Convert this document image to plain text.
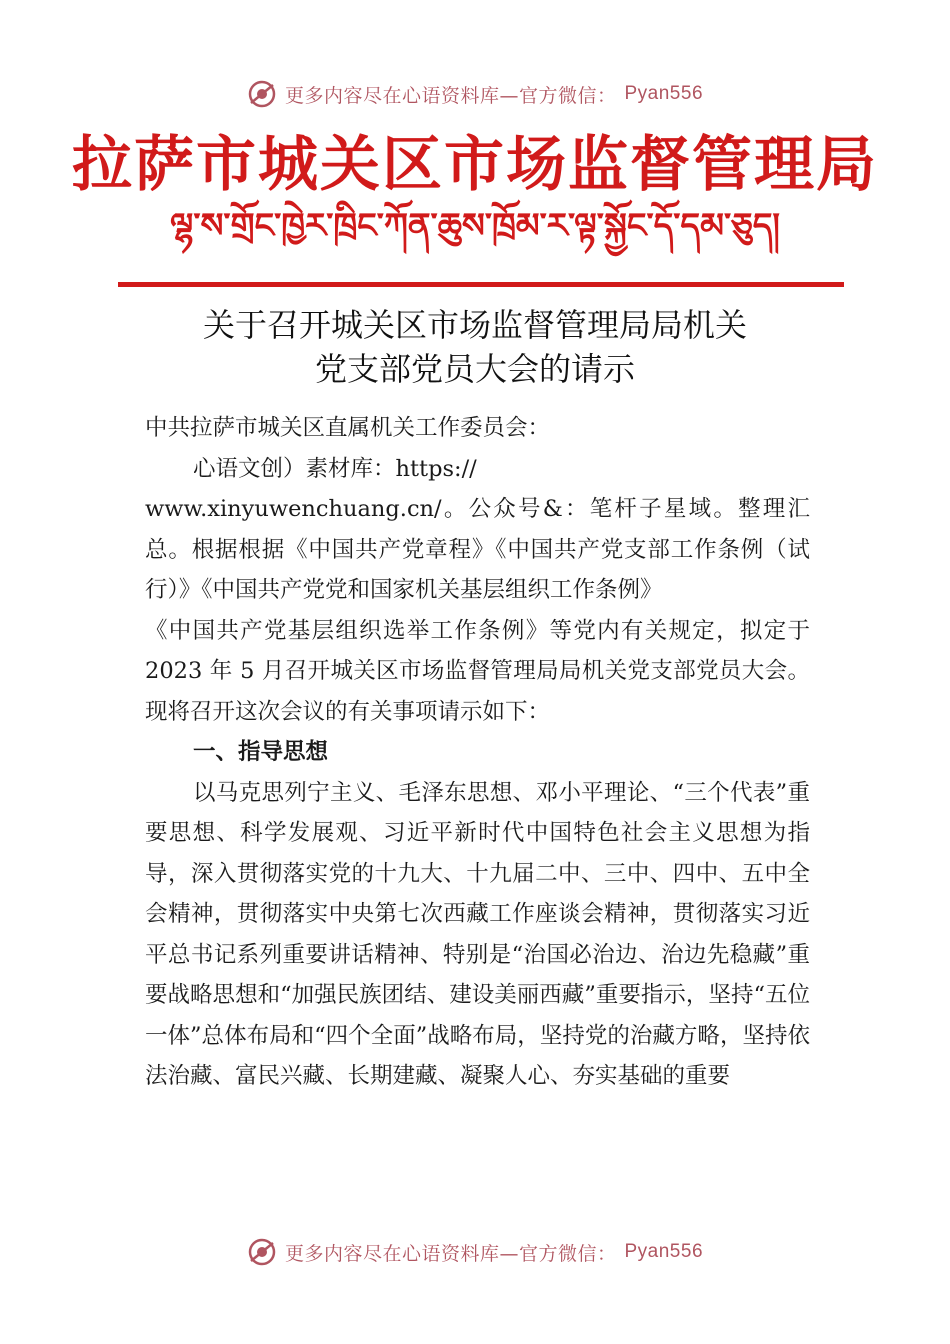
更多内容尽在心语资料库—官方微信： Pyan556
拉萨市城关区市场监督管理局
ལྷ་ས་གྲོང་ཁྱེར་ཁྲིང་ཀོན་ཆུས་ཁྲོམ་ར་ལྟ་སྐྱོང་དོ་དམ་ཅུད།
关于召开城关区市场监督管理局局机关
党支部党员大会的请示

中共拉萨市城关区直属机关工作委员会：

心语文创）素材库：https://

www.xinyuwenchuang.cn/。公众号&：笔杆子星域。整理汇总。根据根据《中国共产党章程》《中国共产党支部工作条例（试行）》《中国共产党党和国家机关基层组织工作条例》

《中国共产党基层组织选举工作条例》等党内有关规定，拟定于 2023 年 5 月召开城关区市场监督管理局局机关党支部党员大会。现将召开这次会议的有关事项请示如下：

一、指导思想

以马克思列宁主义、毛泽东思想、邓小平理论、“三个代表”重要思想、科学发展观、习近平新时代中国特色社会主义思想为指导，深入贯彻落实党的十九大、十九届二中、三中、四中、五中全会精神，贯彻落实中央第七次西藏工作座谈会精神，贯彻落实习近平总书记系列重要讲话精神、特别是“治国必治边、治边先稳藏”重要战略思想和“加强民族团结、建设美丽西藏”重要指示，坚持“五位一体”总体布局和“四个全面”战略布局，坚持党的治藏方略，坚持依法治藏、富民兴藏、长期建藏、凝聚人心、夯实基础的重要

更多内容尽在心语资料库—官方微信： Pyan556
